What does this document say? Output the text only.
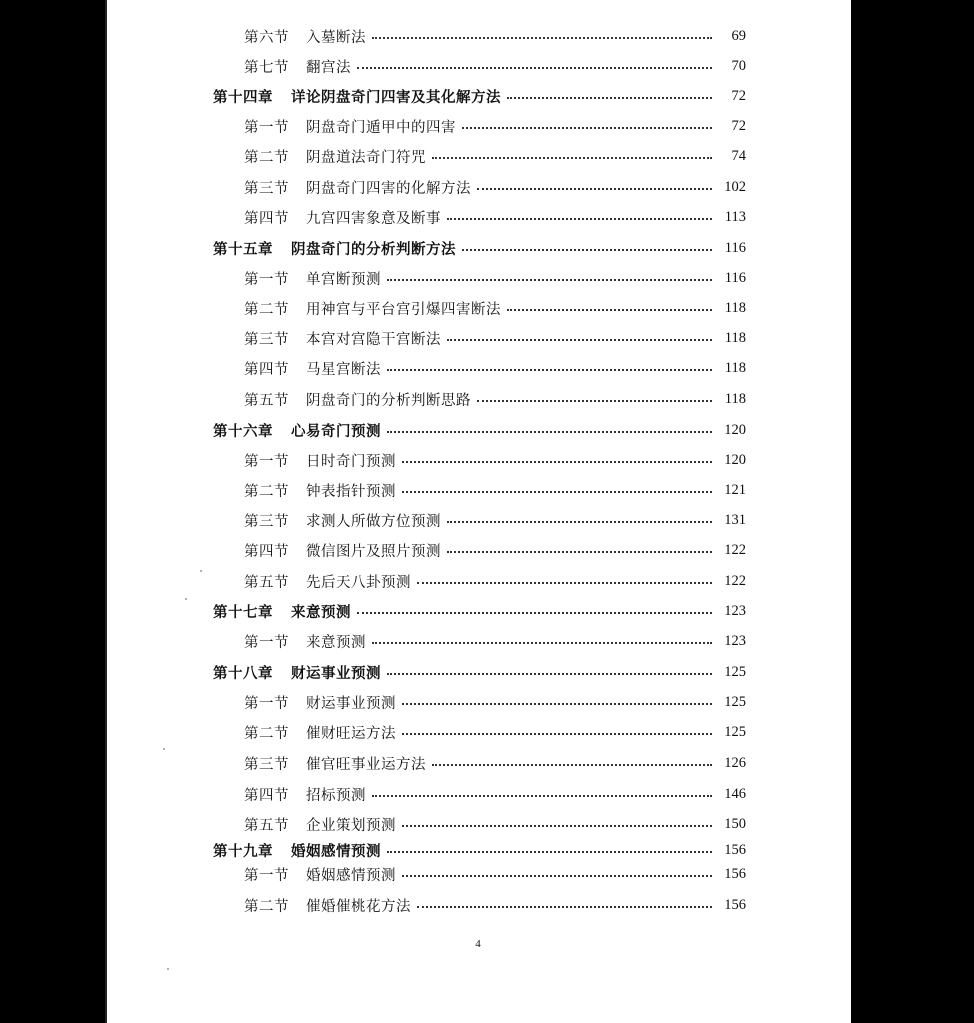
第六节	入墓断法	69
第七节	翻宫法	70
第十四章	详论阴盘奇门四害及其化解方法	72
第一节	阴盘奇门遁甲中的四害	72
第二节	阴盘道法奇门符咒	74
第三节	阴盘奇门四害的化解方法	102
第四节	九宫四害象意及断事	113
第十五章	阴盘奇门的分析判断方法	116
第一节	单宫断预测	116
第二节	用神宫与平台宫引爆四害断法	118
第三节	本宫对宫隐干宫断法	118
第四节	马星宫断法	118
第五节	阴盘奇门的分析判断思路	118
第十六章	心易奇门预测	120
第一节	日时奇门预测	120
第二节	钟表指针预测	121
第三节	求测人所做方位预测	131
第四节	微信图片及照片预测	122
第五节	先后天八卦预测	122
第十七章	来意预测	123
第一节	来意预测	123
第十八章	财运事业预测	125
第一节	财运事业预测	125
第二节	催财旺运方法	125
第三节	催官旺事业运方法	126
第四节	招标预测	146
第五节	企业策划预测	150
第十九章	婚姻感情预测	156
第一节	婚姻感情预测	156
第二节	催婚催桃花方法	156
4
